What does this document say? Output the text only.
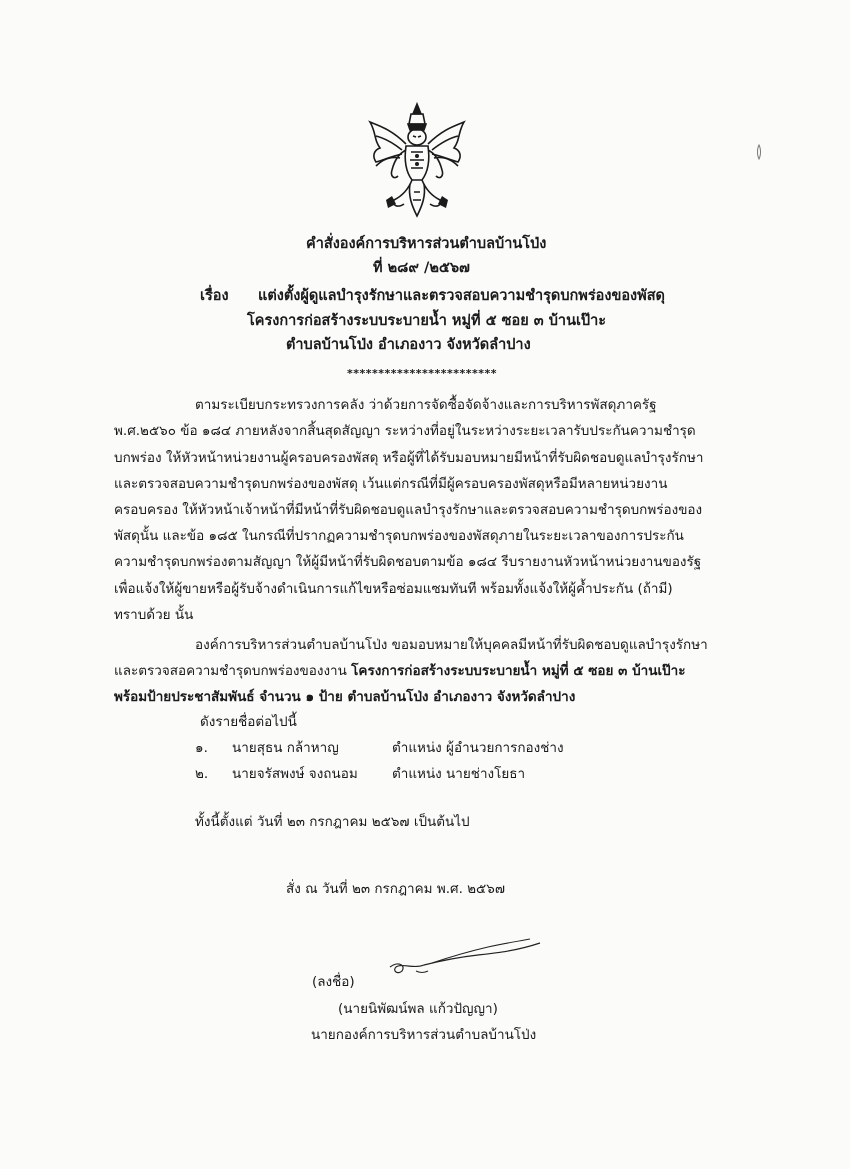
คำสั่งองค์การบริหารส่วนตำบลบ้านโป่ง
ที่ ๒๘๙ /๒๕๖๗
เรื่อง	แต่งตั้งผู้ดูแลบำรุงรักษาและตรวจสอบความชำรุดบกพร่องของพัสดุ
โครงการก่อสร้างระบบระบายน้ำ หมู่ที่ ๕ ซอย ๓ บ้านเป๊าะ
ตำบลบ้านโป่ง อำเภองาว จังหวัดลำปาง
************************
ตามระเบียบกระทรวงการคลัง ว่าด้วยการจัดซื้อจัดจ้างและการบริหารพัสดุภาครัฐ
พ.ศ.๒๕๖๐ ข้อ ๑๘๔ ภายหลังจากสิ้นสุดสัญญา ระหว่างที่อยู่ในระหว่างระยะเวลารับประกันความชำรุด
บกพร่อง ให้หัวหน้าหน่วยงานผู้ครอบครองพัสดุ หรือผู้ที่ได้รับมอบหมายมีหน้าที่รับผิดชอบดูแลบำรุงรักษา
และตรวจสอบความชำรุดบกพร่องของพัสดุ เว้นแต่กรณีที่มีผู้ครอบครองพัสดุหรือมีหลายหน่วยงาน
ครอบครอง ให้หัวหน้าเจ้าหน้าที่มีหน้าที่รับผิดชอบดูแลบำรุงรักษาและตรวจสอบความชำรุดบกพร่องของ
พัสดุนั้น และข้อ ๑๘๕ ในกรณีที่ปรากฏความชำรุดบกพร่องของพัสดุภายในระยะเวลาของการประกัน
ความชำรุดบกพร่องตามสัญญา ให้ผู้มีหน้าที่รับผิดชอบตามข้อ ๑๘๔ รีบรายงานหัวหน้าหน่วยงานของรัฐ
เพื่อแจ้งให้ผู้ขายหรือผู้รับจ้างดำเนินการแก้ไขหรือซ่อมแซมทันที พร้อมทั้งแจ้งให้ผู้ค้ำประกัน (ถ้ามี)
ทราบด้วย นั้น
องค์การบริหารส่วนตำบลบ้านโป่ง ขอมอบหมายให้บุคคลมีหน้าที่รับผิดชอบดูแลบำรุงรักษา
และตรวจสอความชำรุดบกพร่องของงาน โครงการก่อสร้างระบบระบายน้ำ หมู่ที่ ๕ ซอย ๓ บ้านเป๊าะ
พร้อมป้ายประชาสัมพันธ์ จำนวน ๑ ป้าย ตำบลบ้านโป่ง อำเภองาว จังหวัดลำปาง
ดังรายชื่อต่อไปนี้
๑. นายสุธน กล้าหาญ	ตำแหน่ง ผู้อำนวยการกองช่าง
๒. นายจรัสพงษ์ จงถนอม	ตำแหน่ง นายช่างโยธา
ทั้งนี้ตั้งแต่ วันที่ ๒๓ กรกฎาคม ๒๕๖๗ เป็นต้นไป
สั่ง ณ วันที่ ๒๓ กรกฎาคม พ.ศ. ๒๕๖๗
(ลงชื่อ)
(นายนิพัฒน์พล แก้วปัญญา)
นายกองค์การบริหารส่วนตำบลบ้านโป่ง
